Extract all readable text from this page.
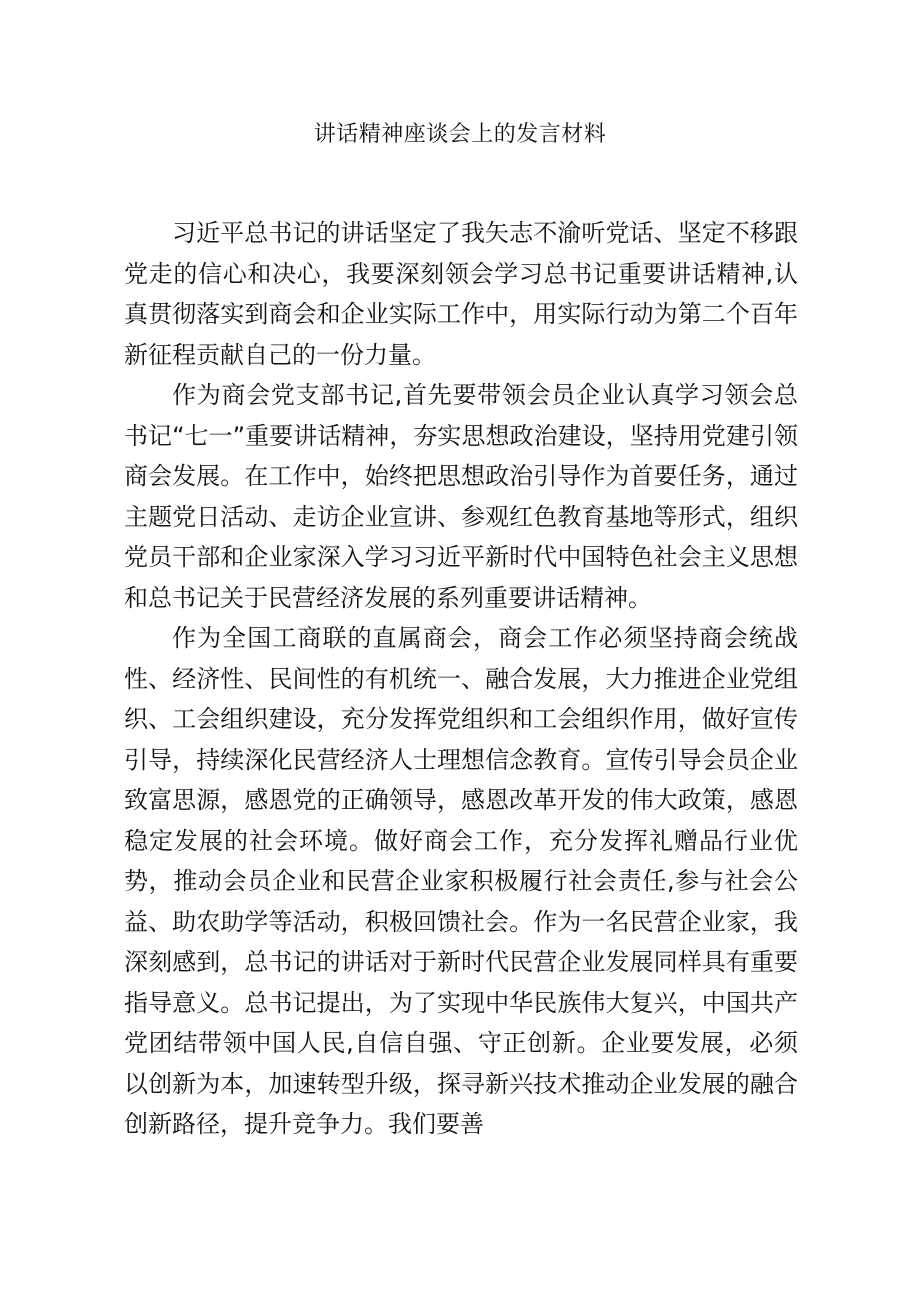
讲话精神座谈会上的发言材料

习近平总书记的讲话坚定了我矢志不渝听党话、坚定不移跟党走的信心和决心，我要深刻领会学习总书记重要讲话精神,认真贯彻落实到商会和企业实际工作中，用实际行动为第二个百年新征程贡献自己的一份力量。

作为商会党支部书记,首先要带领会员企业认真学习领会总书记“七一”重要讲话精神，夯实思想政治建设，坚持用党建引领商会发展。在工作中，始终把思想政治引导作为首要任务，通过主题党日活动、走访企业宣讲、参观红色教育基地等形式，组织党员干部和企业家深入学习习近平新时代中国特色社会主义思想和总书记关于民营经济发展的系列重要讲话精神。

作为全国工商联的直属商会，商会工作必须坚持商会统战性、经济性、民间性的有机统一、融合发展，大力推进企业党组织、工会组织建设，充分发挥党组织和工会组织作用，做好宣传引导，持续深化民营经济人士理想信念教育。宣传引导会员企业致富思源，感恩党的正确领导，感恩改革开发的伟大政策，感恩稳定发展的社会环境。做好商会工作，充分发挥礼赠品行业优势，推动会员企业和民营企业家积极履行社会责任,参与社会公益、助农助学等活动，积极回馈社会。作为一名民营企业家，我深刻感到，总书记的讲话对于新时代民营企业发展同样具有重要指导意义。总书记提出，为了实现中华民族伟大复兴，中国共产党团结带领中国人民,自信自强、守正创新。企业要发展，必须以创新为本，加速转型升级，探寻新兴技术推动企业发展的融合创新路径，提升竞争力。我们要善
